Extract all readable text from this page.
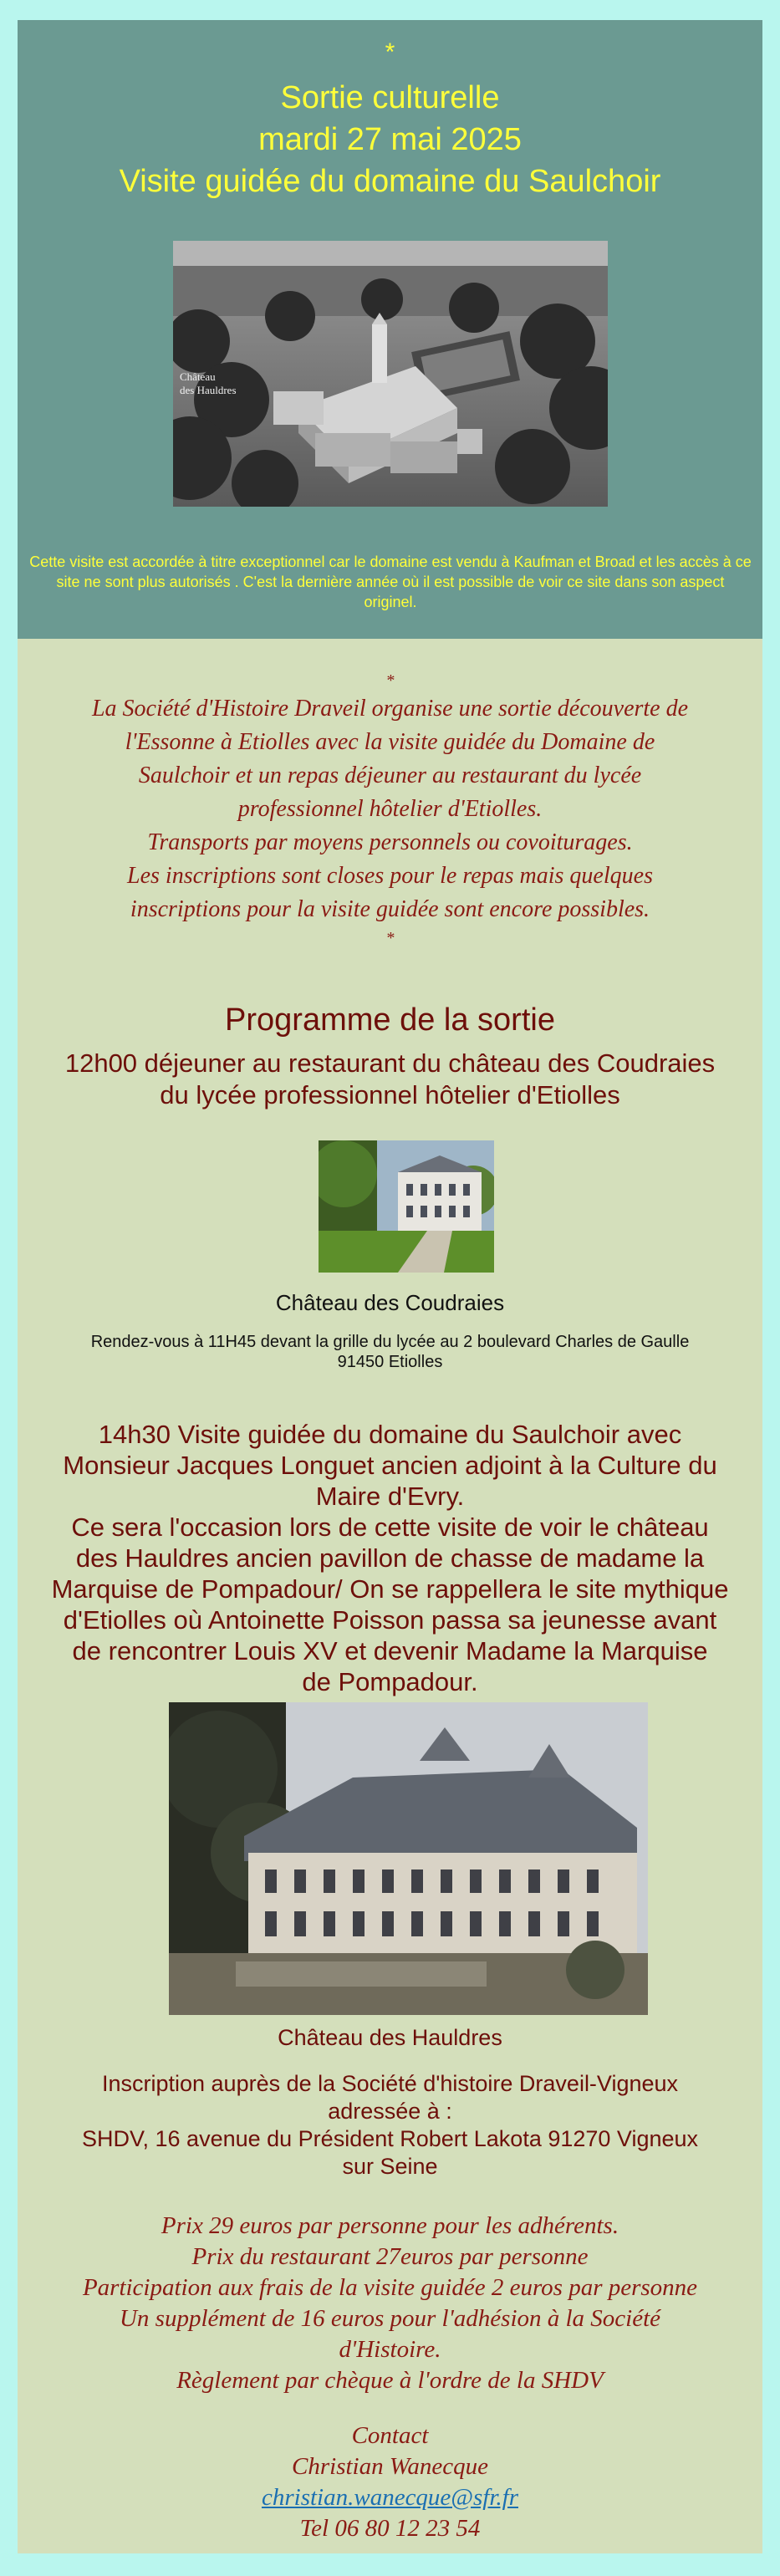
*
Sortie culturelle
mardi 27 mai 2025
Visite guidée du domaine du Saulchoir
Château
des Hauldres
Cette visite est accordée à titre exceptionnel car le domaine est vendu à Kaufman et Broad et les accès à ce site ne sont plus autorisés . C'est la dernière année où il est possible de voir ce site dans son aspect originel.
*
La Société d'Histoire Draveil organise une sortie découverte de
l'Essonne à Etiolles avec la visite guidée du Domaine de
Saulchoir et un repas déjeuner au restaurant du lycée
professionnel hôtelier d'Etiolles.
Transports par moyens personnels ou covoiturages.
Les inscriptions sont closes pour le repas mais quelques
inscriptions pour la visite guidée sont encore possibles.
*
Programme de la sortie
12h00 déjeuner au restaurant du château des Coudraies
du lycée professionnel hôtelier d'Etiolles
Château des Coudraies
Rendez-vous à 11H45 devant la grille du lycée au 2 boulevard Charles de Gaulle
91450 Etiolles
14h30 Visite guidée du domaine du Saulchoir avec
Monsieur Jacques Longuet ancien adjoint à la Culture du
Maire d'Evry.
Ce sera l'occasion lors de cette visite de voir le château
des Hauldres ancien pavillon de chasse de madame la
Marquise de Pompadour/ On se rappellera le site mythique
d'Etiolles où Antoinette Poisson passa sa jeunesse avant
de rencontrer Louis XV et devenir Madame la Marquise
de Pompadour.
Château des Hauldres
Inscription auprès de la Société d'histoire Draveil-Vigneux
adressée à :
SHDV, 16 avenue du Président Robert Lakota 91270 Vigneux
sur Seine
Prix 29 euros par personne pour les adhérents.
Prix du restaurant 27euros par personne
Participation aux frais de la visite guidée 2 euros par personne
Un supplément de 16 euros pour l'adhésion à la Société
d'Histoire.
Règlement par chèque à l'ordre de la SHDV
Contact
Christian Wanecque
christian.wanecque@sfr.fr
Tel 06 80 12 23 54
